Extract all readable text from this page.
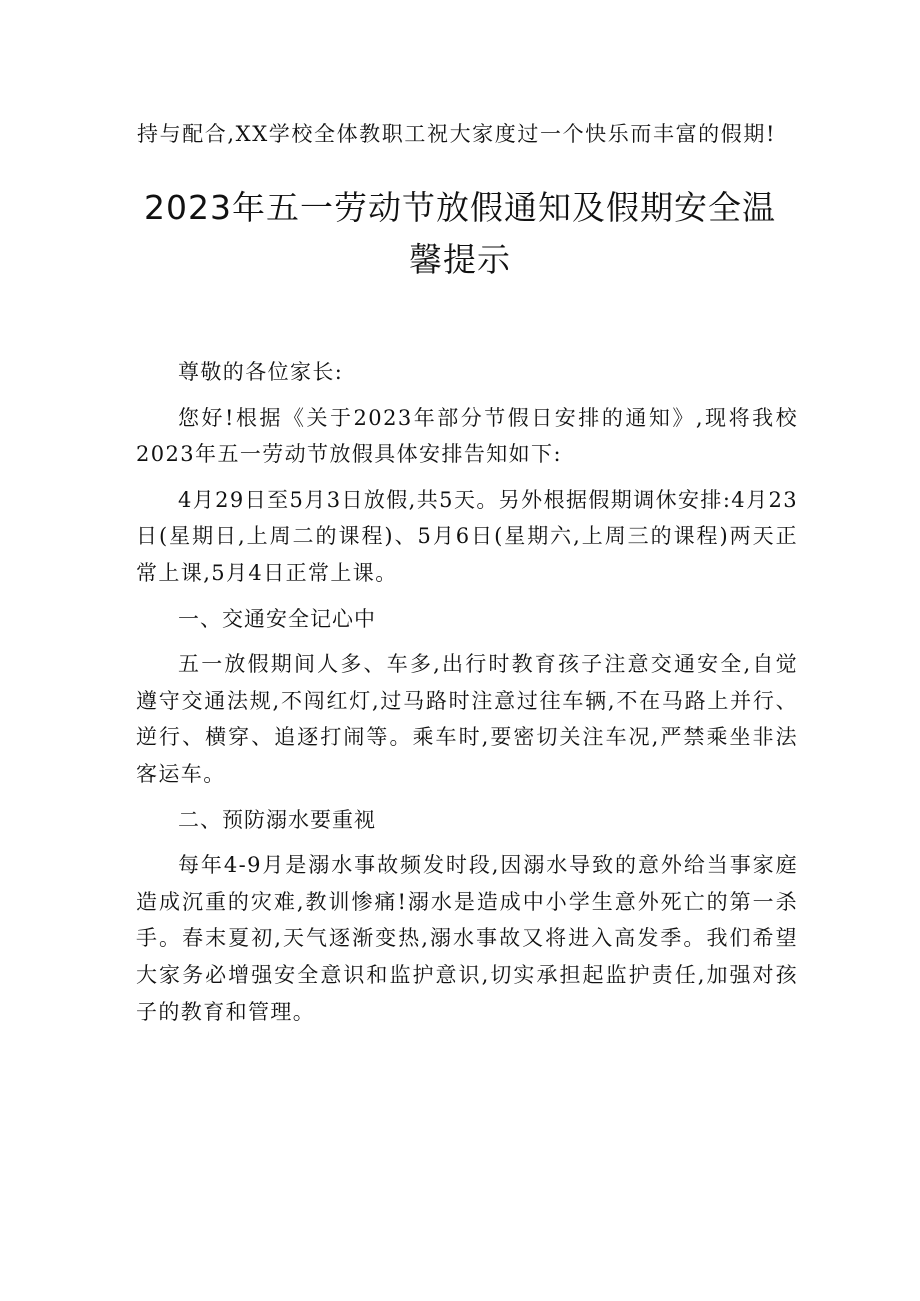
持与配合,XX学校全体教职工祝大家度过一个快乐而丰富的假期!
2023年五一劳动节放假通知及假期安全温
馨提示

尊敬的各位家长:

您好!根据《关于2023年部分节假日安排的通知》,现将我校2023年五一劳动节放假具体安排告知如下:

4月29日至5月3日放假,共5天。另外根据假期调休安排:4月23日(星期日,上周二的课程)、5月6日(星期六,上周三的课程)两天正常上课,5月4日正常上课。

一、交通安全记心中

五一放假期间人多、车多,出行时教育孩子注意交通安全,自觉遵守交通法规,不闯红灯,过马路时注意过往车辆,不在马路上并行、逆行、横穿、追逐打闹等。乘车时,要密切关注车况,严禁乘坐非法客运车。

二、预防溺水要重视

每年4-9月是溺水事故频发时段,因溺水导致的意外给当事家庭造成沉重的灾难,教训惨痛!溺水是造成中小学生意外死亡的第一杀手。春末夏初,天气逐渐变热,溺水事故又将进入高发季。我们希望大家务必增强安全意识和监护意识,切实承担起监护责任,加强对孩子的教育和管理。
